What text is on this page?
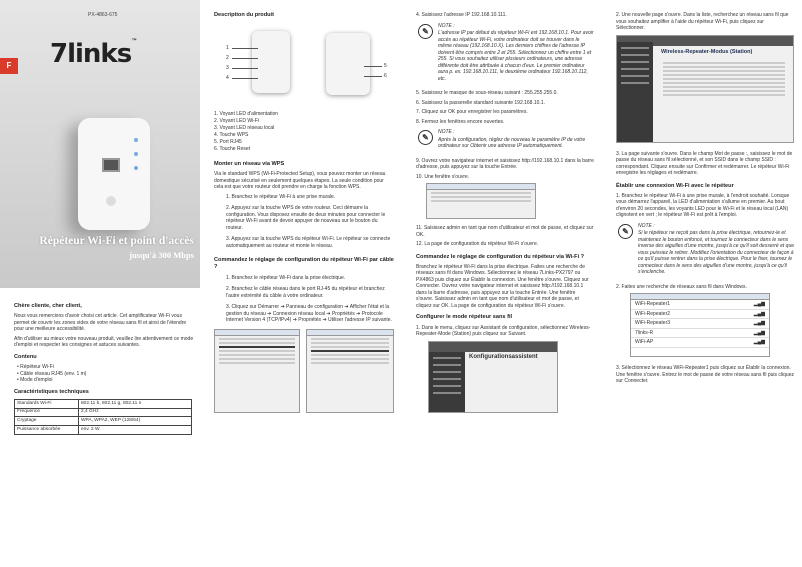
F
PX-4863-675
7links™
Répéteur Wi-Fi et point d'accès
jusqu'à 300 Mbps
Chère cliente, cher client,

Nous vous remercions d'avoir choisi cet article. Cet amplificateur Wi-Fi vous permet de couvrir les zones vides de votre réseau sans fil et ainsi de l'étendre pour une meilleure accessibilité.

Afin d'utiliser au mieux votre nouveau produit, veuillez lire attentivement ce mode d'emploi et respecter les consignes et astuces suivantes.

Contenu
• Répéteur Wi-Fi
• Câble réseau RJ45 (env. 1 m)
• Mode d'emploi
Caractéristiques techniques
Standards Wi-Fi	802.11 b, 802.11 g, 802.11 n
Fréquence	2,4 GHz
Cryptage	WPA, WPA2, WEP (128/64)
Puissance absorbée	env. 2 W
Description du produit
1
2
3
4
5
6
1. Voyant LED d'alimentation
2. Voyant LED Wi-Fi
3. Voyant LED réseau local
4. Touche WPS
5. Port RJ45
6. Touche Reset
Monter un réseau via WPS

Via le standard WPS (Wi-Fi-Protected Setup), vous pouvez monter un réseau domestique sécurisé en seulement quelques étapes. La seule condition pour cela est que votre routeur doit prendre en charge la fonction WPS.

1. Branchez le répéteur Wi-Fi à une prise murale.
2. Appuyez sur la touche WPS de votre routeur. Ceci démarre la configuration. Vous disposez ensuite de deux minutes pour connecter le répéteur Wi-Fi avant de devoir appuyer de nouveau sur le bouton du routeur.
3. Appuyez sur la touche WPS du répéteur Wi-Fi. Le répéteur se connecte automatiquement au routeur et monte le réseau.
Commandez le réglage de configuration du répéteur Wi-Fi par câble ?
1. Branchez le répéteur Wi-Fi dans la prise électrique.
2. Branchez le câble réseau dans le port RJ-45 du répéteur et branchez l'autre extrémité du câble à votre ordinateur.
3. Cliquez sur Démarrer ➔ Panneau de configuration ➔ Afficher l'état et la gestion du réseau ➔ Connexion réseau local ➔ Propriétés ➔ Protocole Internet Version 4 (TCP/IPv4) ➔ Propriétés ➔ Utiliser l'adresse IP suivante.

4. Saisissez l'adresse IP 192.168.10.111.

✎
NOTE :
L'adresse IP par défaut du répéteur Wi-Fi est 192.168.10.1. Pour avoir accès au répéteur Wi-Fi, votre ordinateur doit se trouver dans le même réseau (192.168.10.X). Les derniers chiffres de l'adresse IP doivent être compris entre 2 et 255. Sélectionnez un chiffre entre 1 et 255. Si vous souhaitez utiliser plusieurs ordinateurs, une adresse différente doit être attribuée à chacun d'eux. Le premier ordinateur aura p. ex. 192.168.10.111, le deuxième ordinateur 192.168.10.112, etc.

5. Saisissez le masque de sous-réseau suivant : 255.255.255.0.

6. Saisissez la passerelle standard suivante 192.168.10.1.

7. Cliquez sur OK pour enregistrer les paramètres.

8. Fermez les fenêtres encore ouvertes.

✎
NOTE :
Après la configuration, réglez de nouveau le paramètre IP de votre ordinateur sur Obtenir une adresse IP automatiquement.

9. Ouvrez votre navigateur internet et saisissez http://192.168.10.1 dans la barre d'adresse, puis appuyez sur la touche Entrée.

10. Une fenêtre s'ouvre.

11. Saisissez admin en tant que nom d'utilisateur et mot de passe, et cliquez sur OK.

12. La page de configuration du répéteur Wi-Fi s'ouvre.

Commandez le réglage de configuration du répéteur via Wi-Fi ?

Branchez le répéteur Wi-Fi dans la prise électrique. Faites une recherche de réseaux sans fil dans Windows. Sélectionnez le réseau 7Links-PX2797 ou PX4863 puis cliquez sur Établir la connexion. Une fenêtre s'ouvre. Cliquez sur Connecter. Ouvrez votre navigateur internet et saisissez http://192.168.10.1 dans la barre d'adresse, puis appuyez sur la touche Entrée. Une fenêtre s'ouvre. Saisissez admin en tant que nom d'utilisateur et mot de passe, et cliquez sur OK. La page de configuration du répéteur Wi-Fi s'ouvre.

Configurer le mode répéteur sans fil

1. Dans le menu, cliquez sur Assistant de configuration, sélectionnez Wireless-Repeater-Mode (Station) puis cliquez sur Suivant.

Konfigurationsassistent

2. Une nouvelle page s'ouvre. Dans la liste, recherchez un réseau sans fil que vous souhaitez amplifier à l'aide du répéteur Wi-Fi, puis cliquez sur Sélectionner.

Wireless-Repeater-Modus (Station)

3. La page suivante s'ouvre. Dans le champ Mot de passe :, saisissez le mot de passe du réseau sans fil sélectionné, et son SSID dans le champ SSID : correspondant. Cliquez ensuite sur Confirmer et redémarrer. Le répéteur Wi-Fi enregistre les réglages et redémarre.

Établir une connexion Wi-Fi avec le répéteur

1. Branchez le répéteur Wi-Fi à une prise murale, à l'endroit souhaité. Lorsque vous démarrez l'appareil, la LED d'alimentation s'allume en premier. Au bout d'environ 20 secondes, les voyants LED pour le Wi-Fi et le réseau local (LAN) clignotent en vert ; le répéteur Wi-Fi est prêt à l'emploi.

✎
NOTE :
Si le répéteur ne reçoit pas dans la prise électrique, retournez-le et maintenez le bouton enfoncé, et tournez le connecteur dans le sens inverse des aiguilles d'une montre, jusqu'à ce qu'il soit desserré et que vous puissiez le retirer. Modifiez l'orientation du connecteur de façon à ce qu'il puisse rentrer dans la prise électrique. Pour le fixer, tournez le connecteur dans le sens des aiguilles d'une montre, jusqu'à ce qu'il s'enclenche.

2. Faites une recherche de réseaux sans fil dans Windows.

WiFi-Repeater1	▂▄▆
WiFi-Repeater2	▂▄▆
WiFi-Repeater3	▂▄▆
7links-R	▂▄▆
WiFi-AP	▂▄▆

3. Sélectionnez le réseau WiFi-Repeater1 puis cliquez sur Établir la connexion. Une fenêtre s'ouvre. Entrez le mot de passe de votre réseau sans fil puis cliquez sur Connecter.
